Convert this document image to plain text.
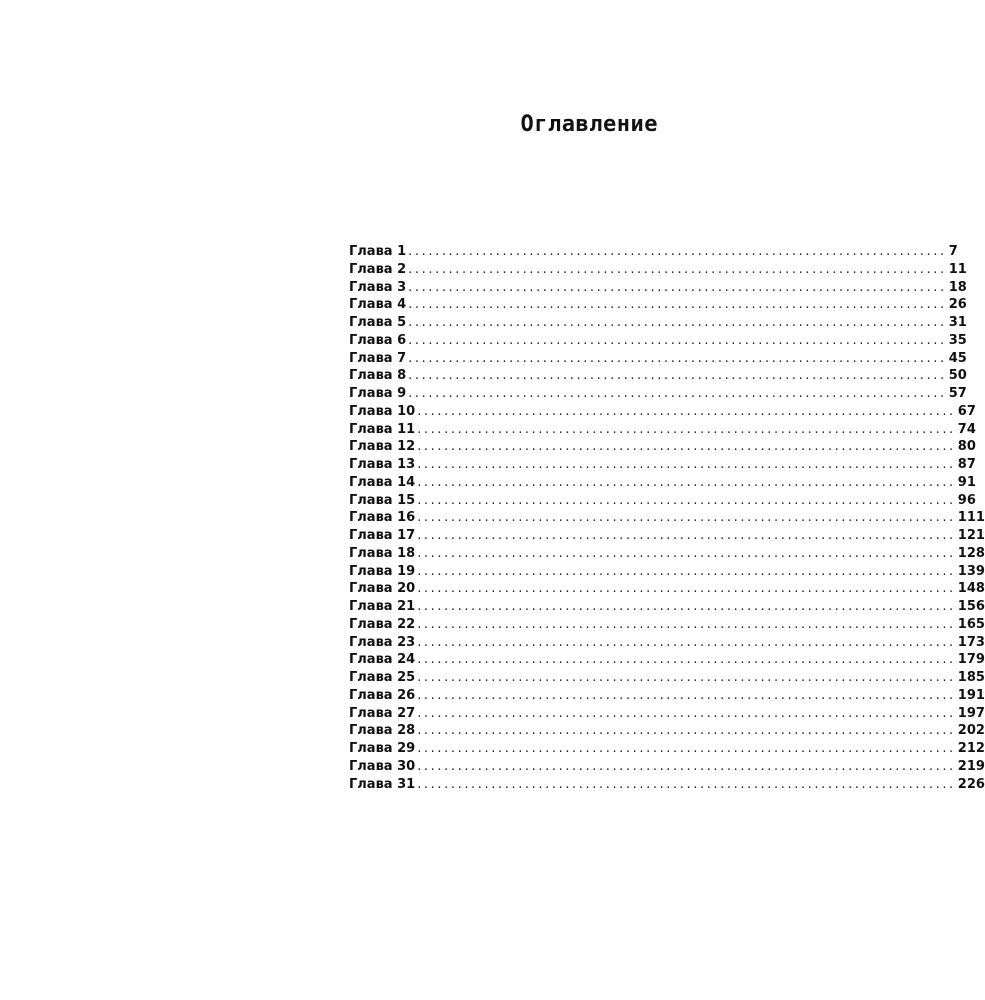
Оглавление
Глава 1 ................................................................................ 7
Глава 2 ................................................................................ 11
Глава 3 ................................................................................ 18
Глава 4 ................................................................................ 26
Глава 5 ................................................................................ 31
Глава 6 ................................................................................ 35
Глава 7 ................................................................................ 45
Глава 8 ................................................................................ 50
Глава 9 ................................................................................ 57
Глава 10 ................................................................................ 67
Глава 11 ................................................................................ 74
Глава 12 ................................................................................ 80
Глава 13 ................................................................................ 87
Глава 14 ................................................................................ 91
Глава 15 ................................................................................ 96
Глава 16 ................................................................................ 111
Глава 17 ................................................................................ 121
Глава 18 ................................................................................ 128
Глава 19 ................................................................................ 139
Глава 20 ................................................................................ 148
Глава 21 ................................................................................ 156
Глава 22 ................................................................................ 165
Глава 23 ................................................................................ 173
Глава 24 ................................................................................ 179
Глава 25 ................................................................................ 185
Глава 26 ................................................................................ 191
Глава 27 ................................................................................ 197
Глава 28 ................................................................................ 202
Глава 29 ................................................................................ 212
Глава 30 ................................................................................ 219
Глава 31 ................................................................................ 226
